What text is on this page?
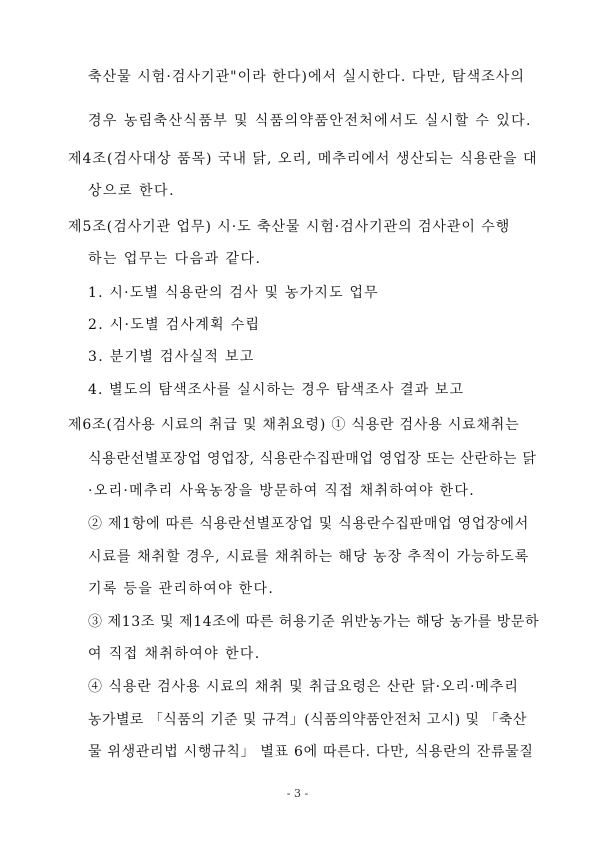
축산물 시험·검사기관"이라 한다)에서 실시한다. 다만, 탐색조사의
경우 농림축산식품부 및 식품의약품안전처에서도 실시할 수 있다.
제4조(검사대상 품목) 국내 닭, 오리, 메추리에서 생산되는 식용란을 대
상으로 한다.
제5조(검사기관 업무) 시·도 축산물 시험·검사기관의 검사관이 수행
하는 업무는 다음과 같다.
1. 시·도별 식용란의 검사 및 농가지도 업무
2. 시·도별 검사계획 수립
3. 분기별 검사실적 보고
4. 별도의 탐색조사를 실시하는 경우 탐색조사 결과 보고
제6조(검사용 시료의 취급 및 채취요령) ① 식용란 검사용 시료채취는
식용란선별포장업 영업장, 식용란수집판매업 영업장 또는 산란하는 닭
·오리·메추리 사육농장을 방문하여 직접 채취하여야 한다.
② 제1항에 따른 식용란선별포장업 및 식용란수집판매업 영업장에서
시료를 채취할 경우, 시료를 채취하는 해당 농장 추적이 가능하도록
기록 등을 관리하여야 한다.
③ 제13조 및 제14조에 따른 허용기준 위반농가는 해당 농가를 방문하
여 직접 채취하여야 한다.
④ 식용란 검사용 시료의 채취 및 취급요령은 산란 닭·오리·메추리
농가별로 「식품의 기준 및 규격」(식품의약품안전처 고시) 및 「축산
물 위생관리법 시행규칙」 별표 6에 따른다. 다만, 식용란의 잔류물질
- 3 -
